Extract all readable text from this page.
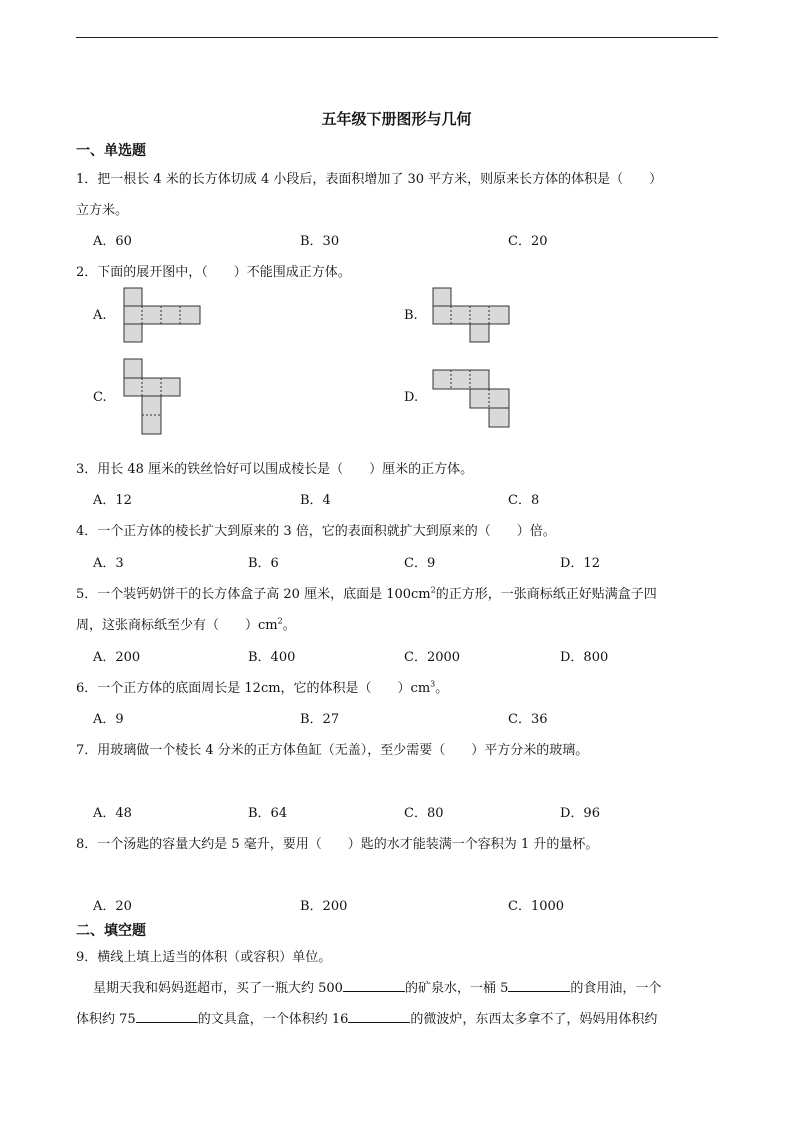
五年级下册图形与几何
一、单选题
1．把一根长 4 米的长方体切成 4 小段后，表面积增加了 30 平方米，则原来长方体的体积是（　　）
立方米。
A．60	B．30	C．20
2．下面的展开图中，（　　）不能围成正方体。
A.	B.
C.	D.
3．用长 48 厘米的铁丝恰好可以围成棱长是（　　）厘米的正方体。
A．12	B．4	C．8
4．一个正方体的棱长扩大到原来的 3 倍，它的表面积就扩大到原来的（　　）倍。
A．3	B．6	C．9	D．12
5．一个装钙奶饼干的长方体盒子高 20 厘米，底面是 $100cm^2$的正方形，一张商标纸正好贴满盒子四
周，这张商标纸至少有（　　）$cm^2$。
A．200	B．400	C．2000	D．800
6．一个正方体的底面周长是 12cm，它的体积是（　　）$cm^3$。
A．9	B．27	C．36
7．用玻璃做一个棱长 4 分米的正方体鱼缸（无盖），至少需要（　　）平方分米的玻璃。
A．48	B．64	C．80	D．96
8．一个汤匙的容量大约是 5 毫升，要用（　　）匙的水才能装满一个容积为 1 升的量杯。
A．20	B．200	C．1000
二、填空题
9．横线上填上适当的体积（或容积）单位。
星期天我和妈妈逛超市，买了一瓶大约 500	的矿泉水，一桶 5	的食用油，一个
体积约 75	的文具盒，一个体积约 16	的微波炉，东西太多拿不了，妈妈用体积约
